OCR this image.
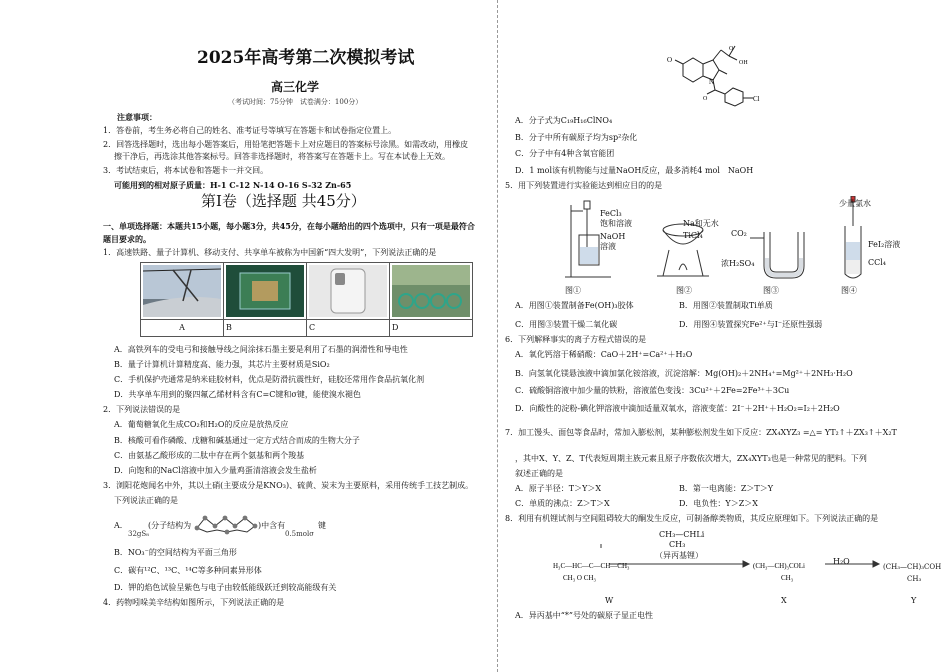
2025年高考第二次模拟考试
高三化学
（考试时间：75分钟　试卷满分：100分）
注意事项：
1．答卷前，考生务必将自己的姓名、准考证号等填写在答题卡和试卷指定位置上。
2．回答选择题时，选出每小题答案后，用铅笔把答题卡上对应题目的答案标号涂黑。如需改动，用橡皮
擦干净后，再选涂其他答案标号。回答非选择题时，将答案写在答题卡上。写在本试卷上无效。
3．考试结束后，将本试卷和答题卡一并交回。
可能用到的相对原子质量：H-1 C-12 N-14 O-16 S-32 Zn-65
第Ⅰ卷（选择题 共45分）
一、单项选择题：本题共15小题，每小题3分，共45分，在每小题给出的四个选项中，只有一项是最符合
题目要求的。
1．高速铁路、量子计算机、移动支付、共享单车被称为中国新“四大发明”，下列说法正确的是

A	B	C	D
A．高铁列车的受电弓和接触导线之间涂抹石墨主要是利用了石墨的润滑性和导电性
B．量子计算机计算精度高、能力强，其芯片主要材质是SiO₂
C．手机保护壳通常是纳米硅胶材料，优点是防滑抗震性好，硅胶还常用作食品抗氧化剂
D．共享单车用到的聚四氟乙烯材料含有C=C键和σ键，能使溴水褪色
2．下列说法错误的是
A．葡萄糖氧化生成CO₂和H₂O的反应是放热反应
B．核酸可看作磷酸、戊糖和碱基通过一定方式结合而成的生物大分子
C．由氨基乙酸形成的二肽中存在两个氨基和两个羧基
D．向饱和的NaCl溶液中加入少量鸡蛋清溶液会发生盐析
3．浏阳花炮闻名中外，其以土硝(主要成分是KNO₃)、硫黄、炭末为主要原料，采用传统手工技艺制成。
下列说法正确的是
A．
32gS₈
(分子结构为	)中含有
0.5molσ
键
B．NO₃⁻的空间结构为平面三角形
C．碳有¹²C、¹³C、¹⁴C等多种同素异形体
D．钾的焰色试验呈紫色与电子由较低能级跃迁到较高能级有关
4．药物吲哚美辛结构如图所示，下列说法正确的是
O
O
OH
N
O	Cl
A．分子式为C₁₉H₁₆ClNO₄
B．分子中所有碳原子均为sp²杂化
C．分子中有4种含氧官能团
D．1 mol该有机物能与过量NaOH反应，最多消耗4 mol　NaOH
5．用下列装置进行实验能达到相应目的的是
FeCl₃
饱和溶液
NaOH
溶液
Na和无水
TiCl₄	CO₂
浓H₂SO₄
少量氯水
FeI₂溶液
CCl₄
图①	图②	图③	图④
A．用图①装置制备Fe(OH)₃胶体	B．用图②装置制取Ti单质
C．用图③装置干燥二氧化碳	D．用图④装置探究Fe²⁺与I⁻还原性强弱
6．下列解释事实的离子方程式错误的是
A．氧化钙溶于稀硝酸：CaO＋2H⁺=Ca²⁺＋H₂O
B．向氢氧化镁悬浊液中滴加氯化铵溶液，沉淀溶解：Mg(OH)₂＋2NH₄⁺=Mg²⁺＋2NH₃·H₂O
C．硫酸铜溶液中加少量的铁粉，溶液蓝色变浅：3Cu²⁺＋2Fe=2Fe³⁺＋3Cu
D．向酸性的淀粉-碘化钾溶液中滴加适量双氧水，溶液变蓝：2I⁻＋2H⁺＋H₂O₂=I₂＋2H₂O
7．加工馒头、面包等食品时，常加入膨松剂，某种膨松剂发生如下反应：ZX₄XYZ₃ =△= YT₂↑＋ZX₃↑＋X₂T
，其中X、Y、Z、T代表短周期主族元素且原子序数依次增大，ZX₄XYT₃也是一种常见的肥料。下列
叙述正确的是
A．原子半径：T＞Y＞X	B．第一电离能：Z＞T＞Y
C．单质的沸点：Z＞T＞X	D．电负性：Y＞Z＞X
8．利用有机锂试剂与空间阻碍较大的酮发生反应，可制备醇类物质，其反应原理如下。下列说法正确的是
H₃C—HC—C—CH—CH₃
CH₃ O CH₃
(CH₃—CH)₃COLi
CH₃
CH₃—CHLi
CH₃
（异丙基锂）
H₂O
(CH₃—CH)₃COH
CH₃
W	X	Y
A．异丙基中“*”号处的碳原子显正电性
